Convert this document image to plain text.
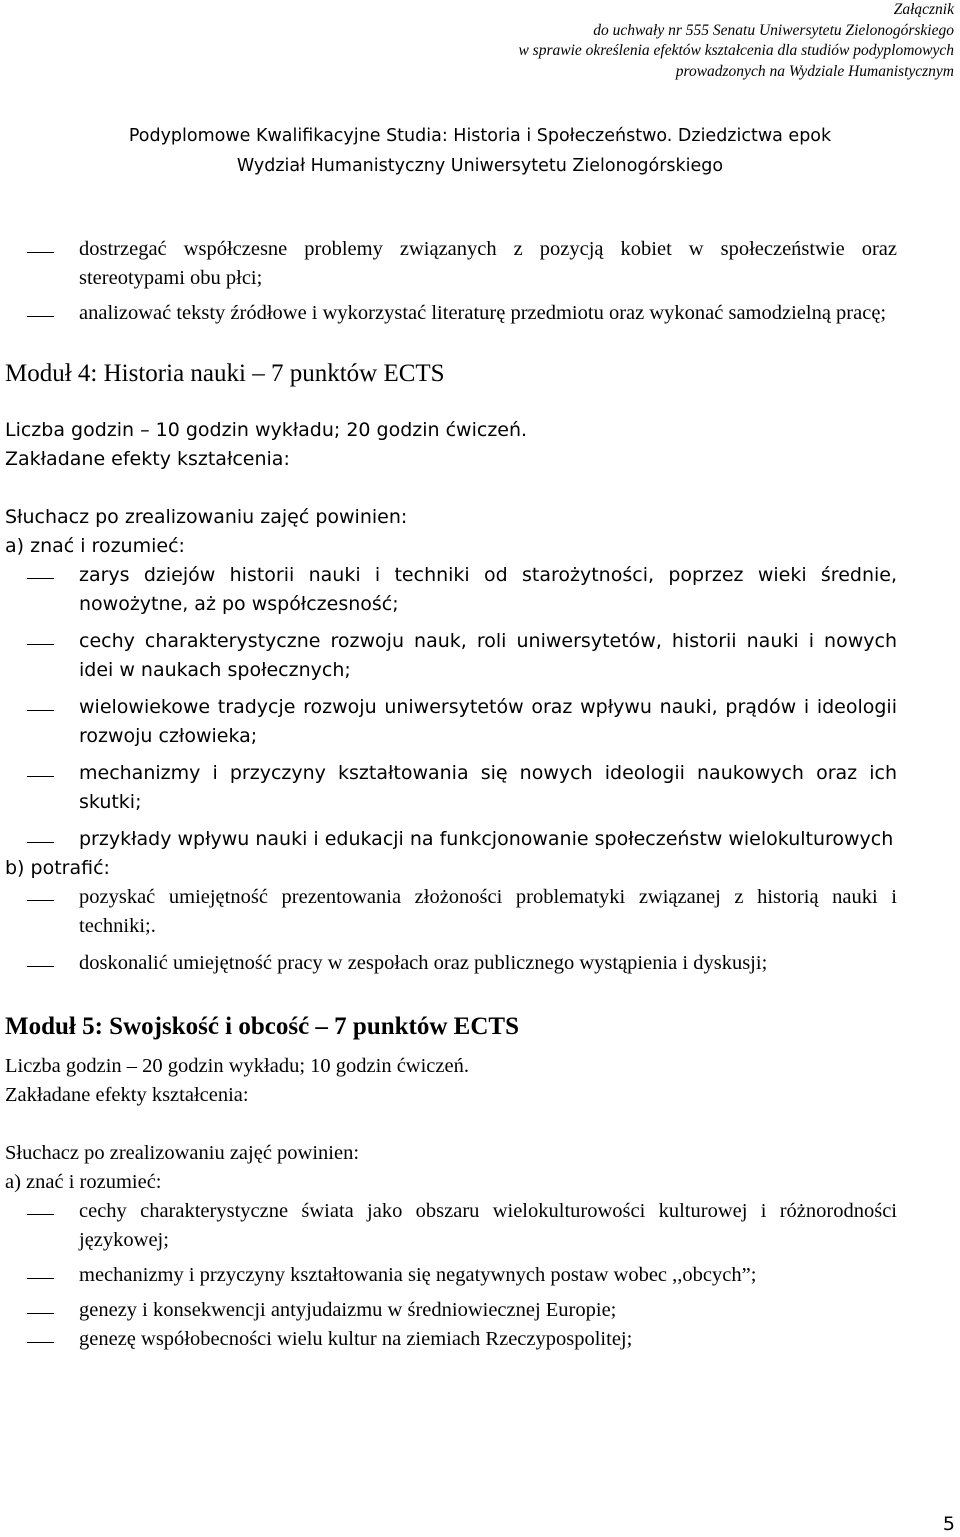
Załącznik
do uchwały nr 555 Senatu Uniwersytetu Zielonogórskiego
w sprawie określenia efektów kształcenia dla studiów podyplomowych
prowadzonych na Wydziale Humanistycznym
Podyplomowe Kwalifikacyjne Studia: Historia i Społeczeństwo. Dziedzictwa epok
Wydział Humanistyczny Uniwersytetu Zielonogórskiego
dostrzegać współczesne problemy związanych z pozycją kobiet w społeczeństwie oraz stereotypami obu płci;
analizować teksty źródłowe i wykorzystać literaturę przedmiotu oraz wykonać samodzielną pracę;
Moduł 4: Historia nauki – 7 punktów ECTS

Liczba godzin – 10 godzin wykładu; 20 godzin ćwiczeń.

Zakładane efekty kształcenia:

Słuchacz po zrealizowaniu zajęć powinien:

a) znać i rozumieć:

zarys dziejów historii nauki i techniki od starożytności, poprzez wieki średnie, nowożytne, aż po współczesność;
cechy charakterystyczne rozwoju nauk, roli uniwersytetów, historii nauki i nowych idei w naukach społecznych;
wielowiekowe tradycje rozwoju uniwersytetów oraz wpływu nauki, prądów i ideologii rozwoju człowieka;
mechanizmy i przyczyny kształtowania się nowych ideologii naukowych oraz ich skutki;
przykłady wpływu nauki i edukacji na funkcjonowanie społeczeństw wielokulturowych

b) potrafić:

pozyskać umiejętność prezentowania złożoności problematyki związanej z historią nauki i techniki;.
doskonalić umiejętność pracy w zespołach oraz publicznego wystąpienia i dyskusji;
Moduł 5: Swojskość i obcość – 7 punktów ECTS

Liczba godzin – 20 godzin wykładu; 10 godzin ćwiczeń.

Zakładane efekty kształcenia:

Słuchacz po zrealizowaniu zajęć powinien:

a) znać i rozumieć:

cechy charakterystyczne świata jako obszaru wielokulturowości kulturowej i różnorodności językowej;
mechanizmy i przyczyny kształtowania się negatywnych postaw wobec ,,obcych”;
genezy i konsekwencji antyjudaizmu w średniowiecznej Europie;
genezę współobecności wielu kultur na ziemiach Rzeczypospolitej;
5
